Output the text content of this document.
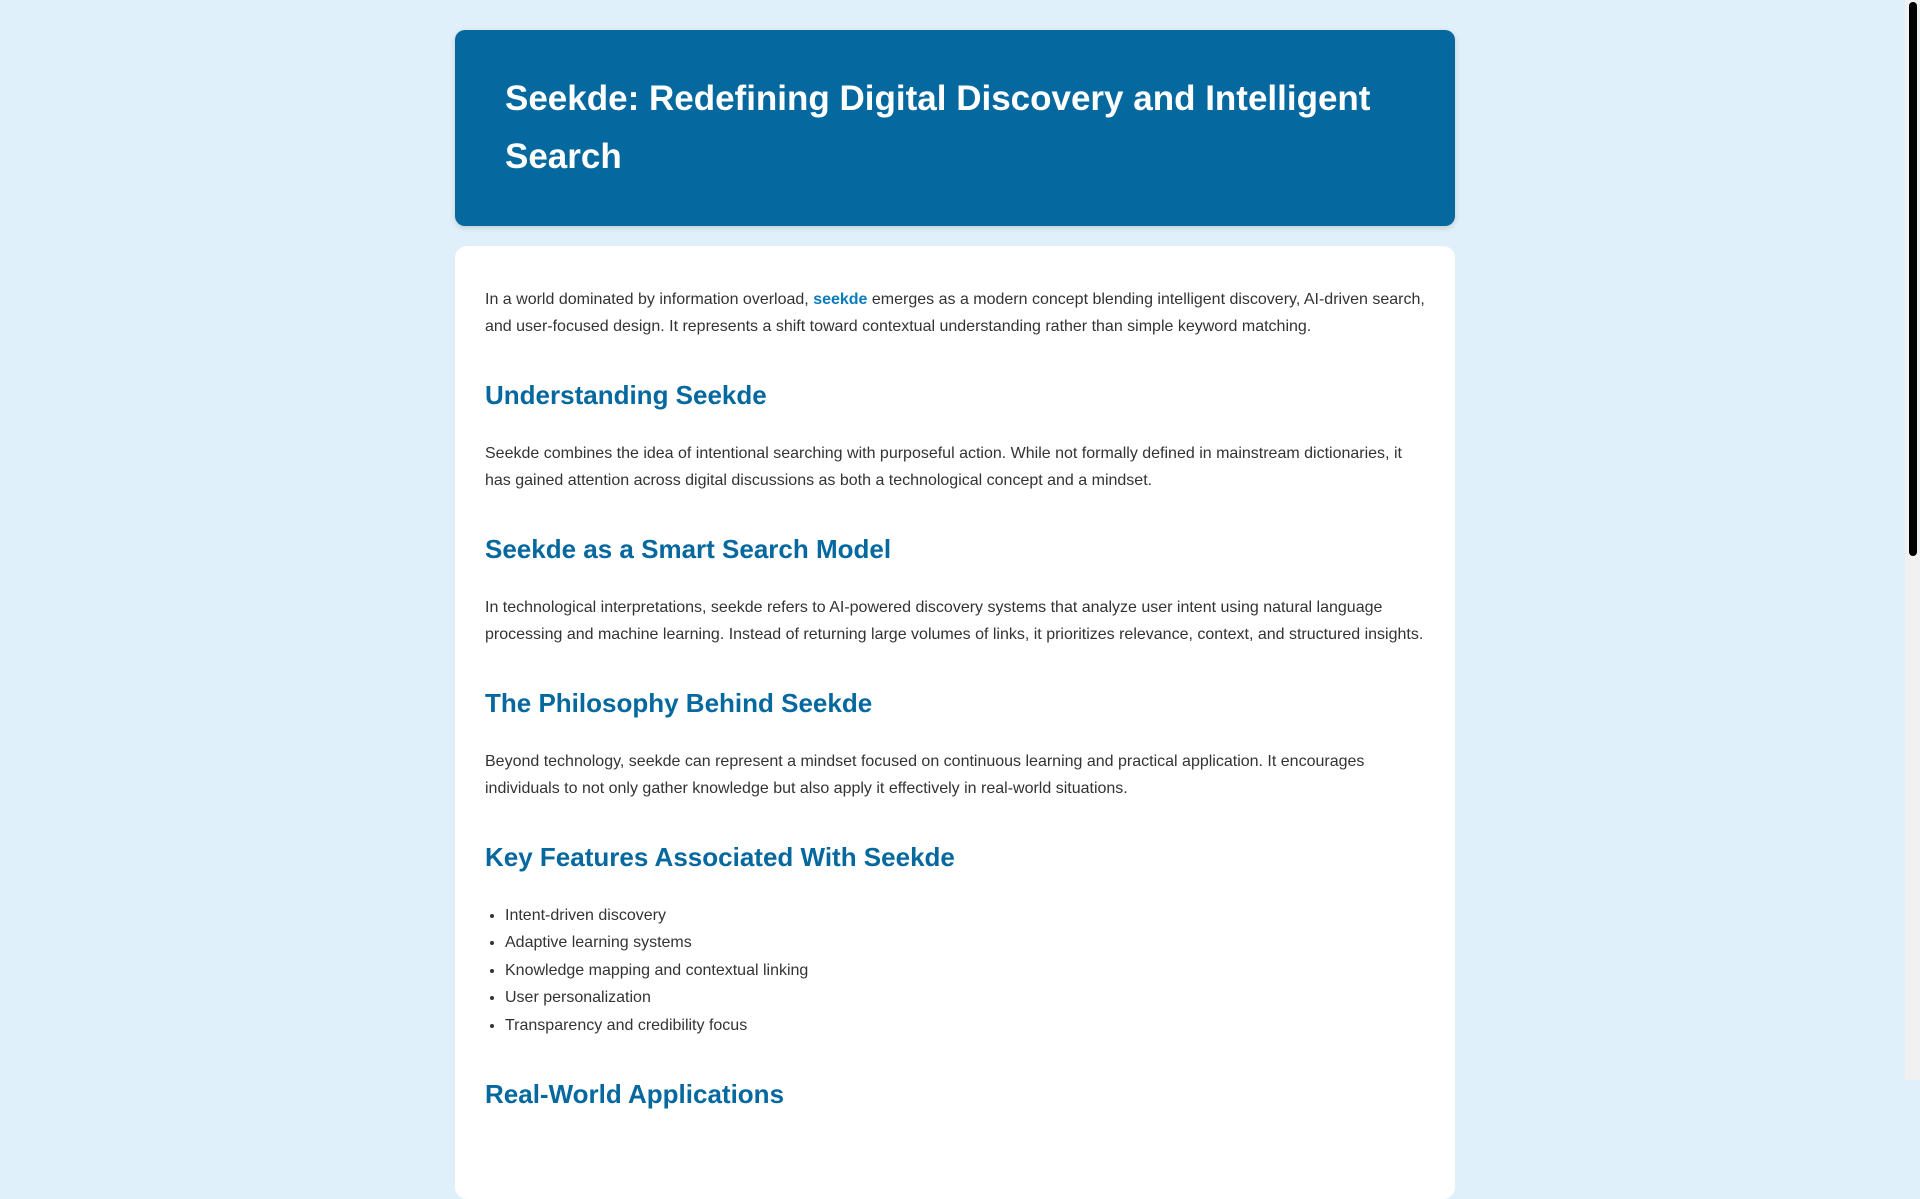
Seekde: Redefining Digital Discovery and Intelligent Search

In a world dominated by information overload, seekde emerges as a modern concept blending intelligent discovery, AI-driven search, and user-focused design. It represents a shift toward contextual understanding rather than simple keyword matching.

Understanding Seekde

Seekde combines the idea of intentional searching with purposeful action. While not formally defined in mainstream dictionaries, it has gained attention across digital discussions as both a technological concept and a mindset.

Seekde as a Smart Search Model

In technological interpretations, seekde refers to AI-powered discovery systems that analyze user intent using natural language processing and machine learning. Instead of returning large volumes of links, it prioritizes relevance, context, and structured insights.

The Philosophy Behind Seekde

Beyond technology, seekde can represent a mindset focused on continuous learning and practical application. It encourages individuals to not only gather knowledge but also apply it effectively in real-world situations.

Key Features Associated With Seekde
• Intent-driven discovery
• Adaptive learning systems
• Knowledge mapping and contextual linking
• User personalization
• Transparency and credibility focus
Real-World Applications
